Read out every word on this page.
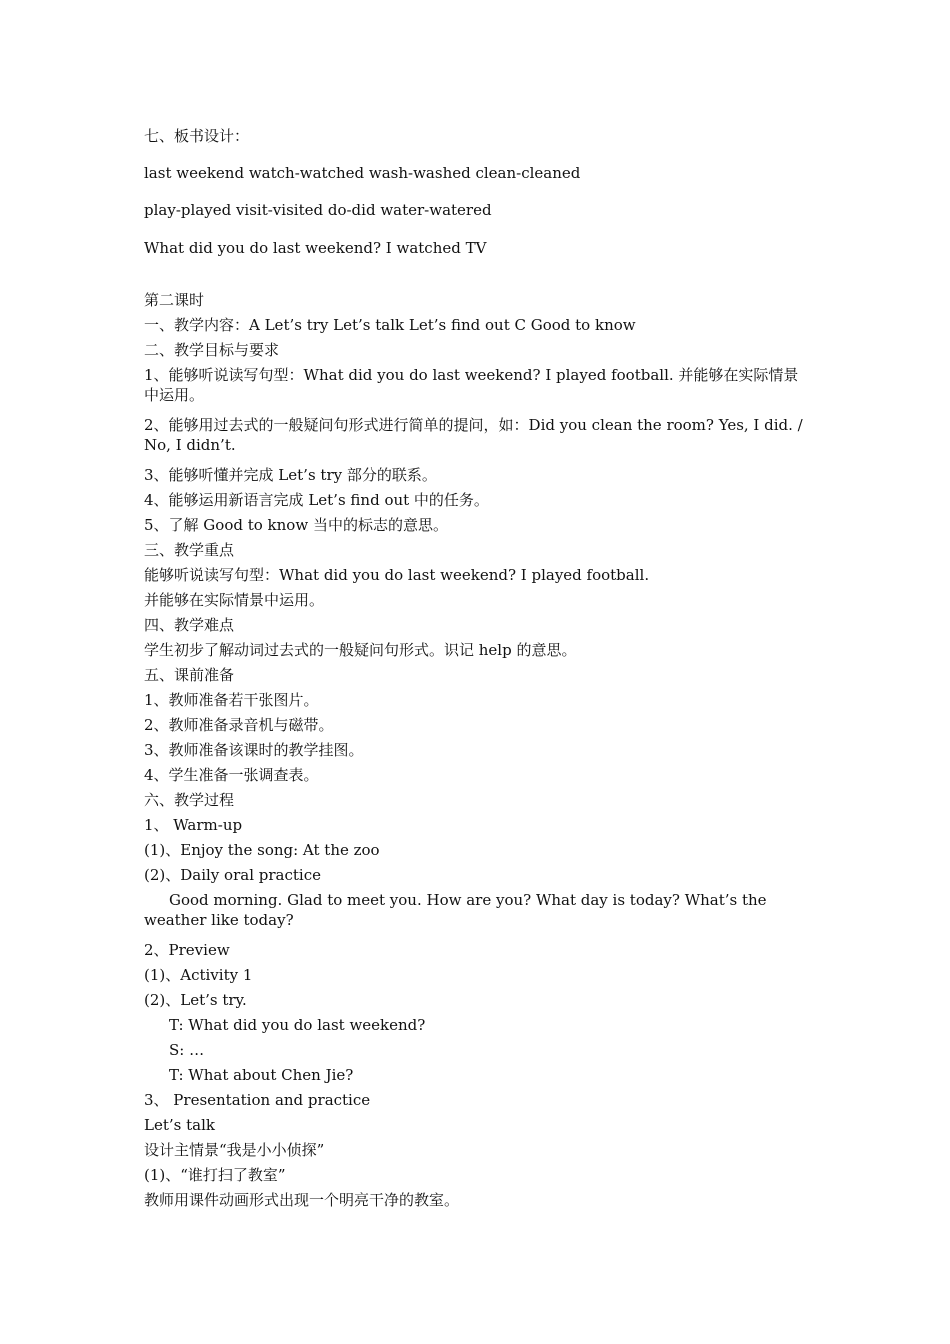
七、板书设计：
last weekend watch-watched wash-washed clean-cleaned
play-played visit-visited do-did water-watered
What did you do last weekend? I watched TV
第二课时
一、教学内容：A Let’s try Let’s talk Let’s find out C Good to know
二、教学目标与要求
1、能够听说读写句型：What did you do last weekend? I played football. 并能够在实际情景中运用。
2、能够用过去式的一般疑问句形式进行简单的提问，如：Did you clean the room? Yes, I did. / No, I didn’t.
3、能够听懂并完成 Let’s try 部分的联系。
4、能够运用新语言完成 Let’s find out 中的任务。
5、了解 Good to know 当中的标志的意思。
三、教学重点
能够听说读写句型：What did you do last weekend? I played football.
并能够在实际情景中运用。
四、教学难点
学生初步了解动词过去式的一般疑问句形式。识记 help 的意思。
五、课前准备
1、教师准备若干张图片。
2、教师准备录音机与磁带。
3、教师准备该课时的教学挂图。
4、学生准备一张调查表。
六、教学过程
1、 Warm-up
(1)、Enjoy the song: At the zoo
(2)、Daily oral practice
Good morning. Glad to meet you. How are you? What day is today? What’s the weather like today?
2、Preview
(1)、Activity 1
(2)、Let’s try.
T: What did you do last weekend?
S: …
T: What about Chen Jie?
3、 Presentation and practice
Let’s talk
设计主情景“我是小小侦探”
(1)、“谁打扫了教室”
教师用课件动画形式出现一个明亮干净的教室。
